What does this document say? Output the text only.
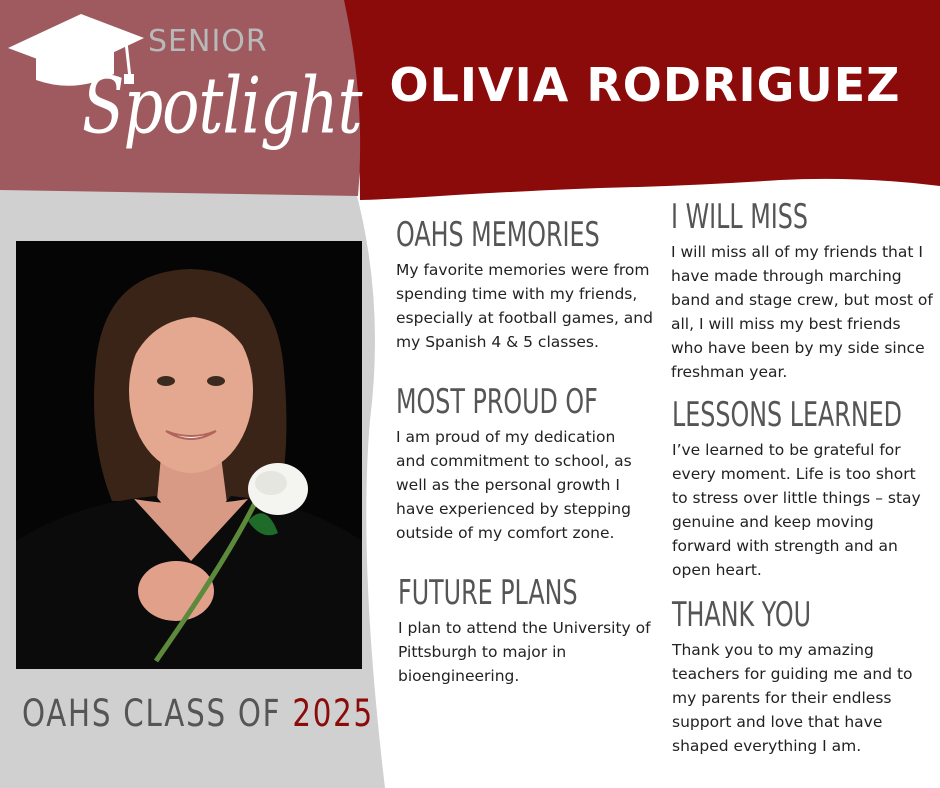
SENIOR
Spotlight OLIVIA RODRIGUEZ
OAHS CLASS OF 2025
OAHS MEMORIES

My favorite memories were from spending time with my friends, especially at football games, and my Spanish 4 & 5 classes.

MOST PROUD OF

I am proud of my dedication and commitment to school, as well as the personal growth I have experienced by stepping outside of my comfort zone.

FUTURE PLANS

I plan to attend the University of Pittsburgh to major in bioengineering.

I WILL MISS

I will miss all of my friends that I have made through marching band and stage crew, but most of all, I will miss my best friends who have been by my side since freshman year.

LESSONS LEARNED

I’ve learned to be grateful for every moment. Life is too short to stress over little things – stay genuine and keep moving forward with strength and an open heart.

THANK YOU

Thank you to my amazing teachers for guiding me and to my parents for their endless support and love that have shaped everything I am.
